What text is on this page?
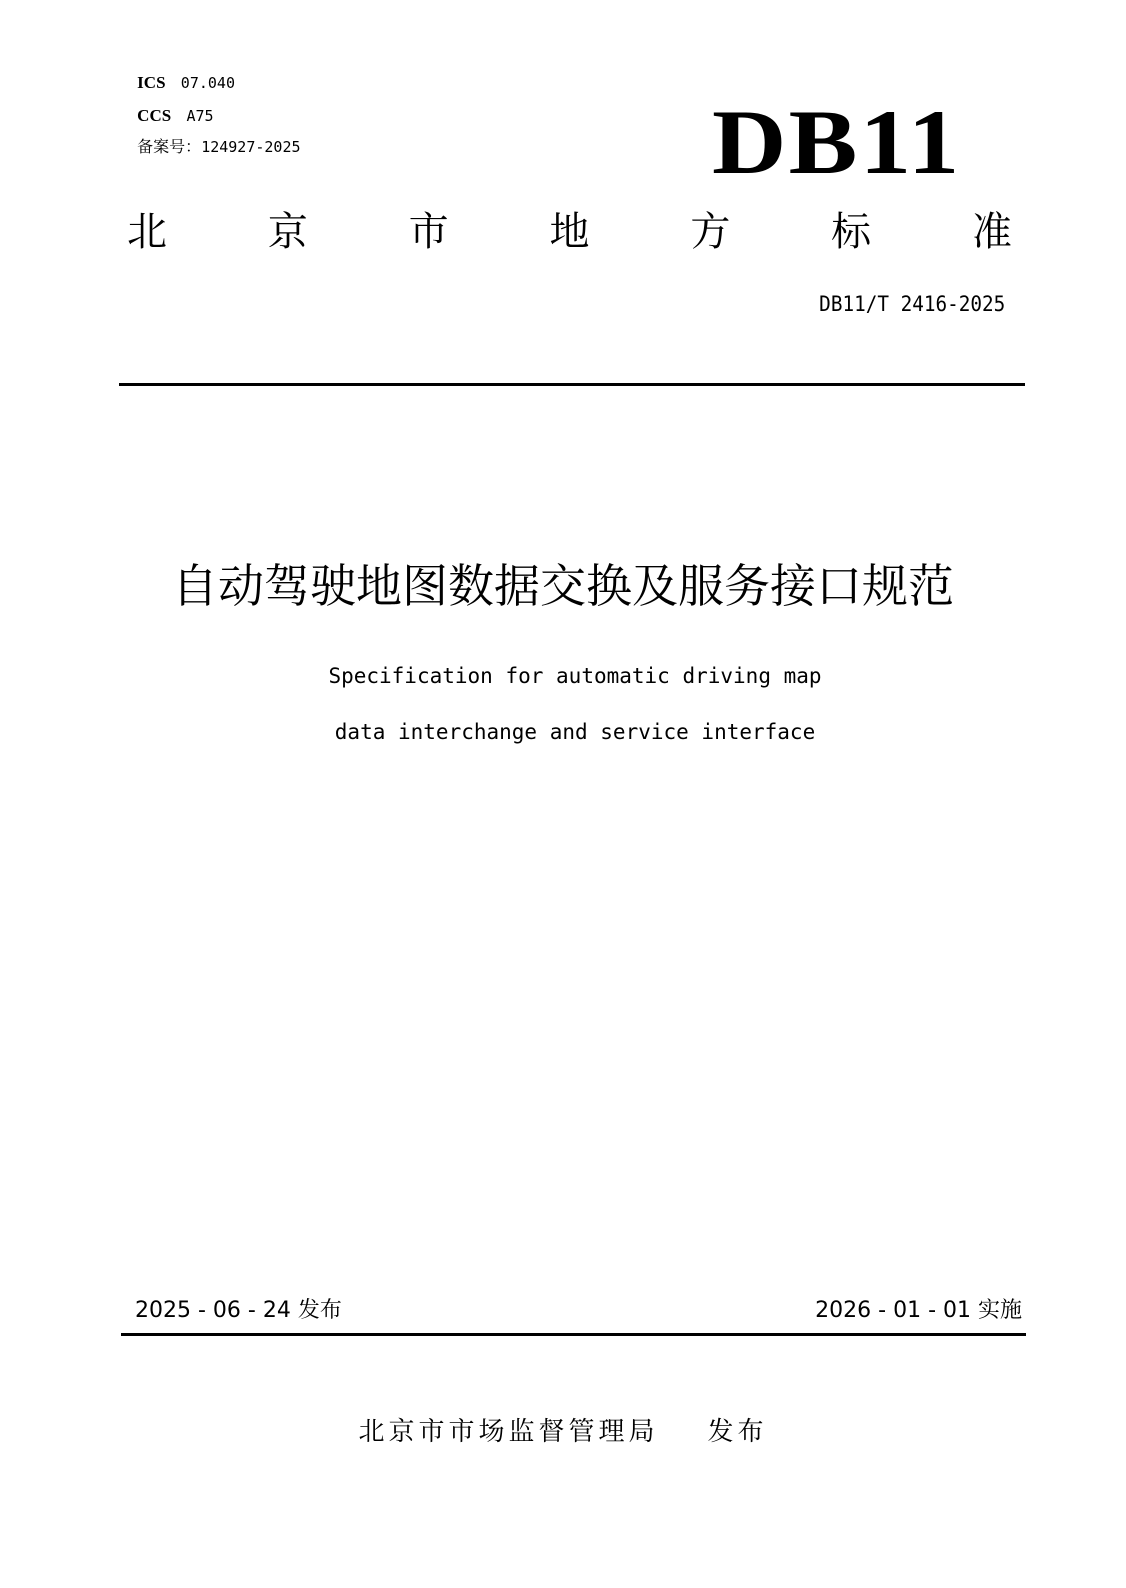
ICS 07.040

CCS A75

备案号：124927-2025	DB11
北	京	市	地	方	标	准
DB11/T 2416-2025
自动驾驶地图数据交换及服务接口规范
Specification for automatic driving map
data interchange and service interface
2025 - 06 - 24 发布	2026 - 01 - 01 实施
北京市市场监督管理局 发布
